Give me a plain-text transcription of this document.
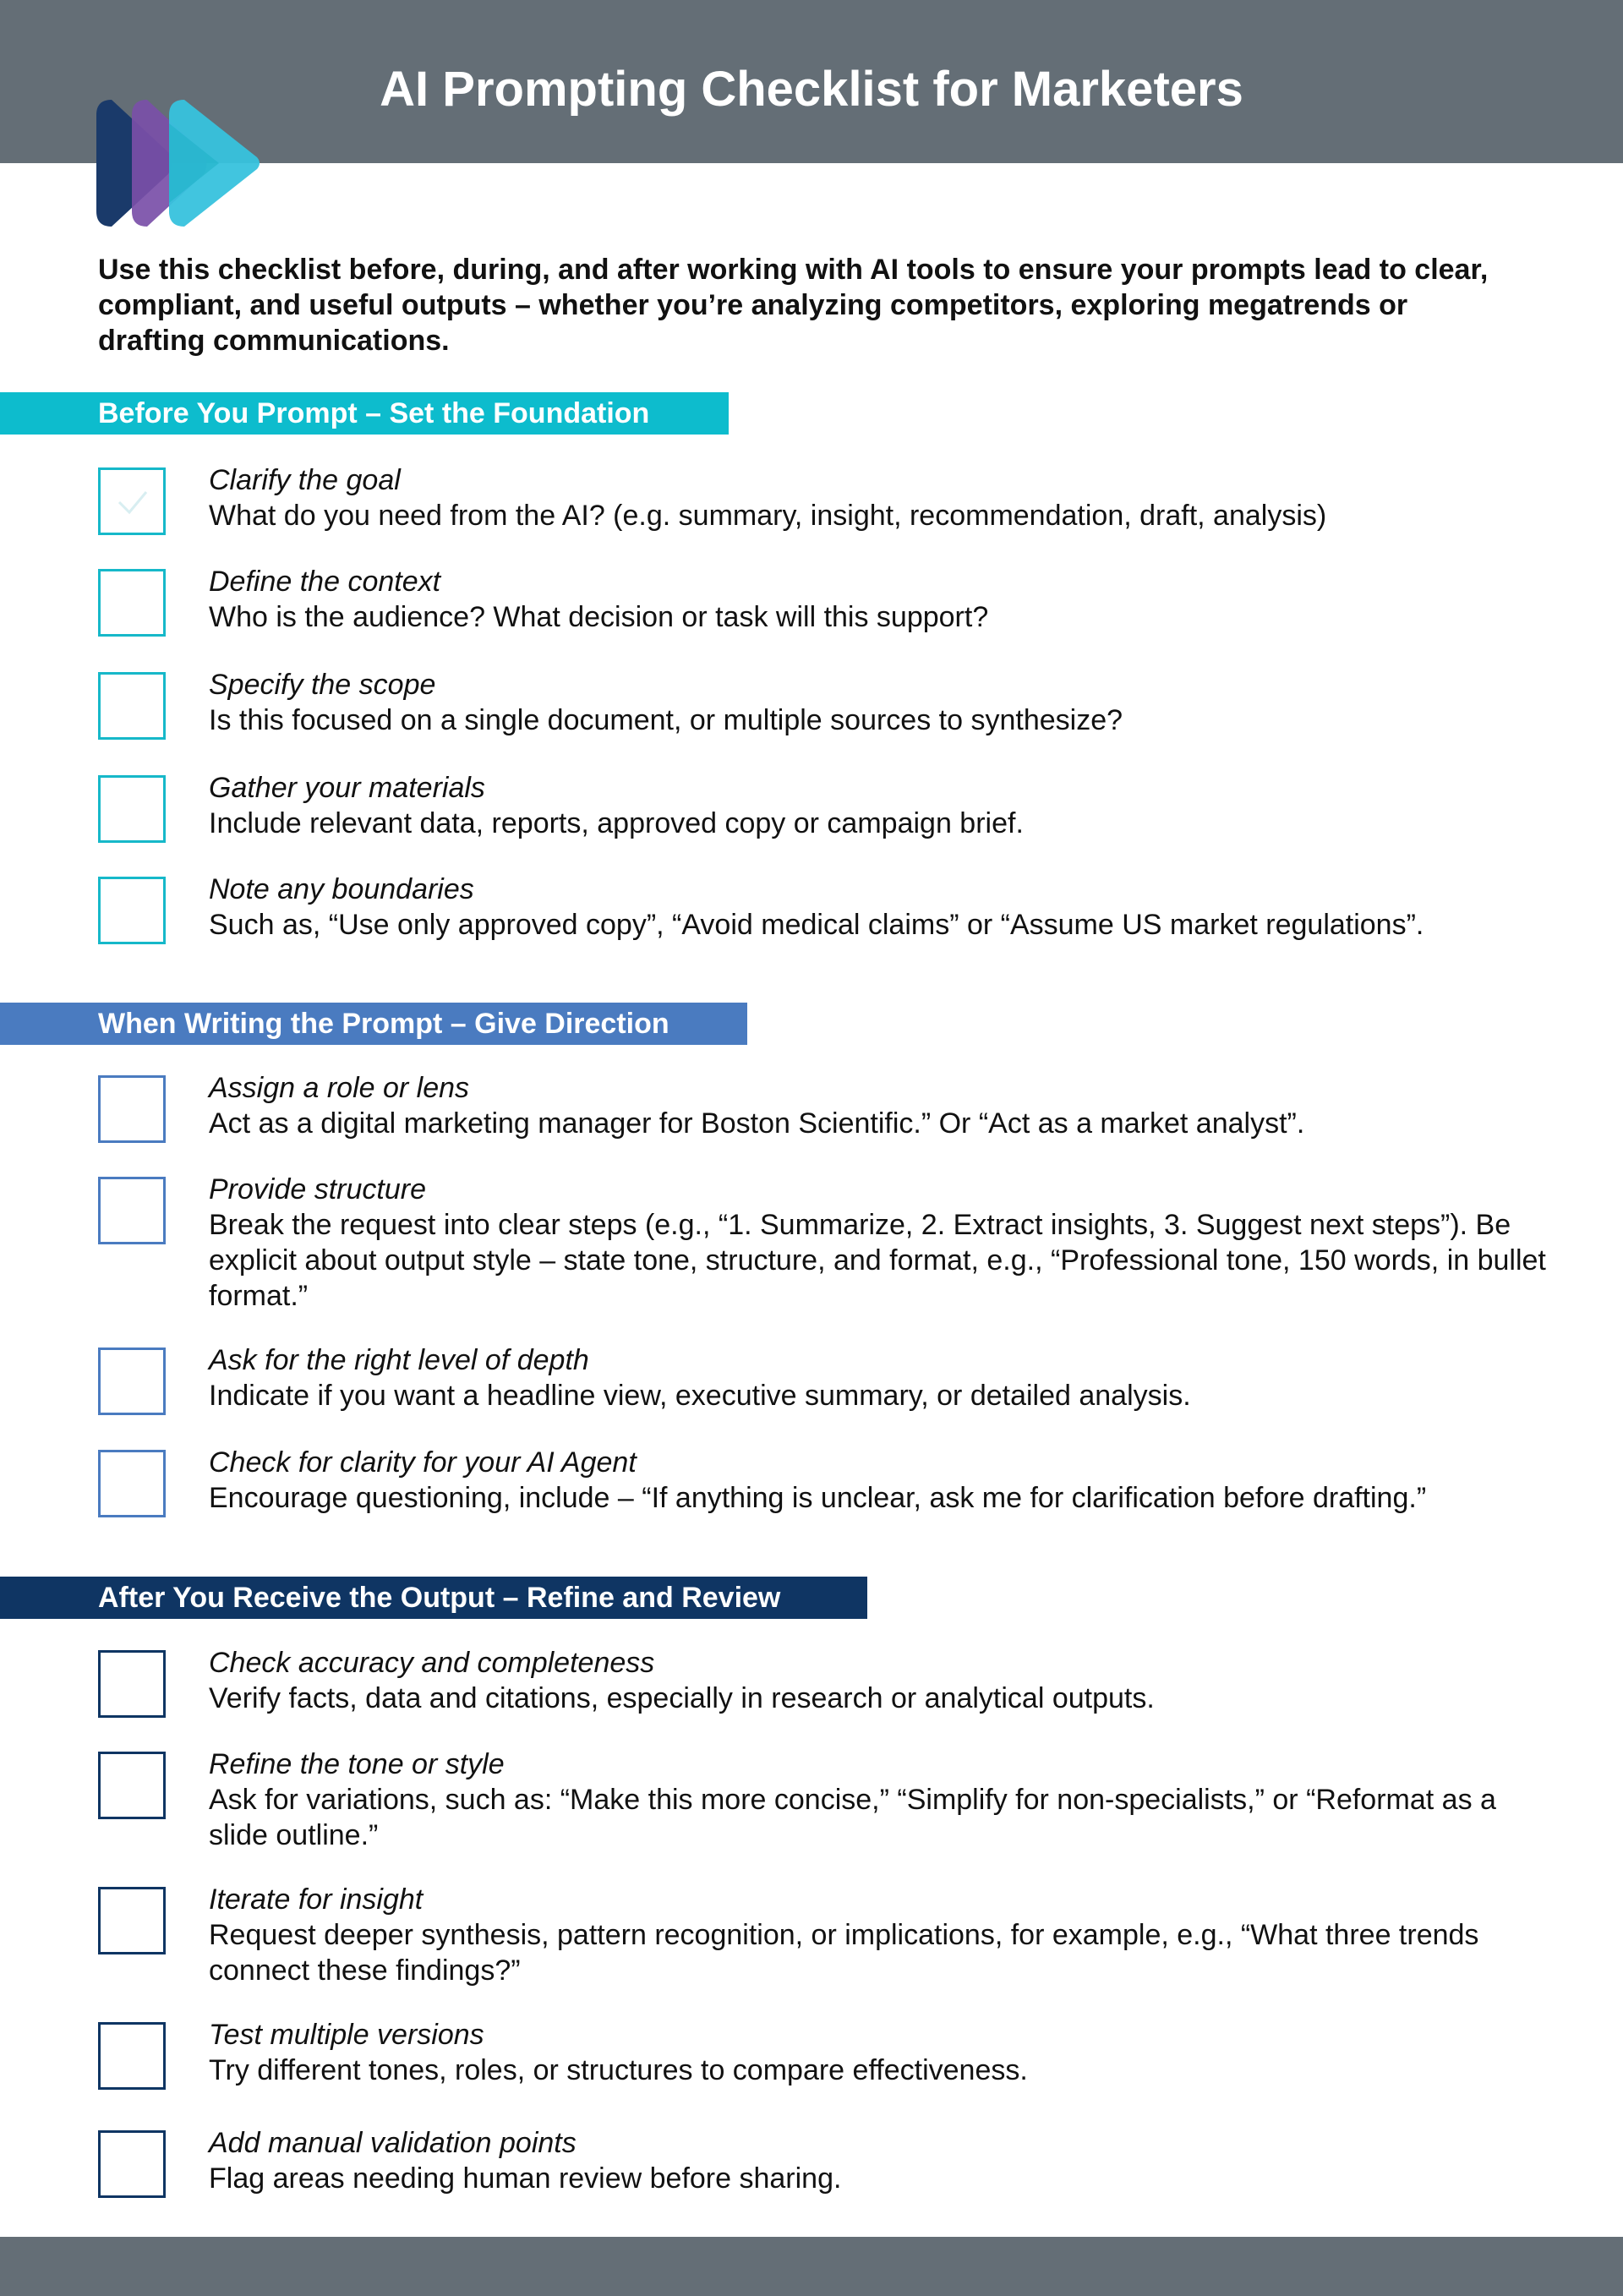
AI Prompting Checklist for Marketers

Use this checklist before, during, and after working with AI tools to ensure your prompts lead to clear, compliant, and useful outputs – whether you’re analyzing competitors, exploring megatrends or drafting communications.

Before You Prompt – Set the Foundation
Clarify the goal
What do you need from the AI? (e.g. summary, insight, recommendation, draft, analysis)
Define the context
Who is the audience? What decision or task will this support?
Specify the scope
Is this focused on a single document, or multiple sources to synthesize?
Gather your materials
Include relevant data, reports, approved copy or campaign brief.
Note any boundaries
Such as, “Use only approved copy”, “Avoid medical claims” or “Assume US market regulations”.
When Writing the Prompt – Give Direction
Assign a role or lens
Act as a digital marketing manager for Boston Scientific.” Or “Act as a market analyst”.
Provide structure
Break the request into clear steps (e.g., “1. Summarize, 2. Extract insights, 3. Suggest next steps”). Be explicit about output style – state tone, structure, and format, e.g., “Professional tone, 150 words, in bullet format.”
Ask for the right level of depth
Indicate if you want a headline view, executive summary, or detailed analysis.
Check for clarity for your AI Agent
Encourage questioning, include – “If anything is unclear, ask me for clarification before drafting.”
After You Receive the Output – Refine and Review
Check accuracy and completeness
Verify facts, data and citations, especially in research or analytical outputs.
Refine the tone or style
Ask for variations, such as: “Make this more concise,” “Simplify for non-specialists,” or “Reformat as a slide outline.”
Iterate for insight
Request deeper synthesis, pattern recognition, or implications, for example, e.g., “What three trends connect these findings?”
Test multiple versions
Try different tones, roles, or structures to compare effectiveness.
Add manual validation points
Flag areas needing human review before sharing.
